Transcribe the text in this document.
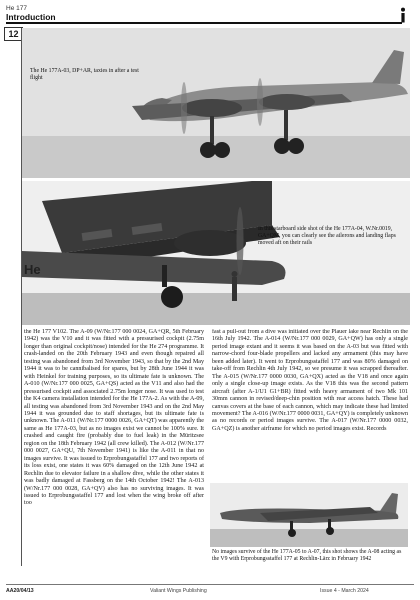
He 177
Introduction
12
The He 177A-03, DP+AR, taxies in after a test flight
He
In this starboard side shot of the He 177A-04, W.Nr.0019, GA+QM, you can clearly see the ailerons and landing flaps moved aft on their rails
the He 177 V102. The A-09 (W/Nr.177 000 0024, GA+QR, 5th February 1942) was the V10 and it was fitted with a pressurised cockpit (2.75m longer than original cockpit/nose) intended for the He 274 programme. It crash-landed on the 20th February 1943 and even though repaired all testing was abandoned from 3rd November 1943, so that by the 2nd May 1944 it was to be cannibalised for spares, but by 28th June 1944 it was with Heinkel for training purposes, so its ultimate fate is unknown. The A-010 (W/Nr.177 000 0025, GA+QS) acted as the V11 and also had the pressurised cockpit and associated 2.75m longer nose. It was used to test the K4 camera installation intended for the He 177A-2. As with the A-09, all testing was abandoned from 3rd November 1943 and on the 2nd May 1944 it was grounded due to staff shortages, but its ultimate fate is unknown. The A-011 (W/Nr.177 0000 0026, GA+QT) was apparently the same as He 177A-03, but as no images exist we cannot be 100% sure. It crashed and caught fire (probably due to fuel leak) in the Müritzsee region on the 18th February 1942 (all crew killed). The A-012 (W/Nr.177 000 0027, GA+QU, 7th November 1941) is like the A-011 in that no images survive. It was issued to Erprobungsstaffel 177 and two reports of its loss exist, one states it was 60% damaged on the 12th June 1942 at Rechlin due to elevator failure in a shallow dive, while the other states it was badly damaged at Fassberg on the 14th October 1942! The A-013 (W/Nr.177 000 0028, GA+QV) also has no surviving images. It was issued to Erprobungsstaffel 177 and lost when the wing broke off after too
fast a pull-out from a dive was initiated over the Plauer lake near Rechlin on the 16th July 1942. The A-014 (W/Nr.177 000 0029, GA+QW) has only a single period image extant and it seems it was based on the A-03 but was fitted with narrow-chord four-blade propellers and lacked any armament (this may have been added later). It went to Erprobungsstaffel 177 and was 80% damaged on take-off from Rechlin 4th July 1942, so we presume it was scrapped thereafter. The A-015 (W/Nr.177 0000 0030, GA+QX) acted as the V18 and once again only a single close-up image exists. As the V18 this was the second pattern aircraft (after A-1/U1 G1+BR) fitted with heavy armament of two Mk 101 30mm cannon in revised/deep-chin position with rear access hatch. These had canvas covers at the base of each cannon, which may indicate these had limited movement? The A-016 (W/Nr.177 0000 0031, GA+QY) is completely unknown as no records or period images survive. The A-017 (W/Nr.177 0000 0032, GA+QZ) is another airframe for which no period images exist. Records
No images survive of the He 177A-05 to A-07, this shot shows the A-08 acting as the V9 with Erprobungsstaffel 177 at Rechlin-Lärz in February 1942
AA20/04/13	Valiant Wings Publishing	Issue 4 - March 2024
